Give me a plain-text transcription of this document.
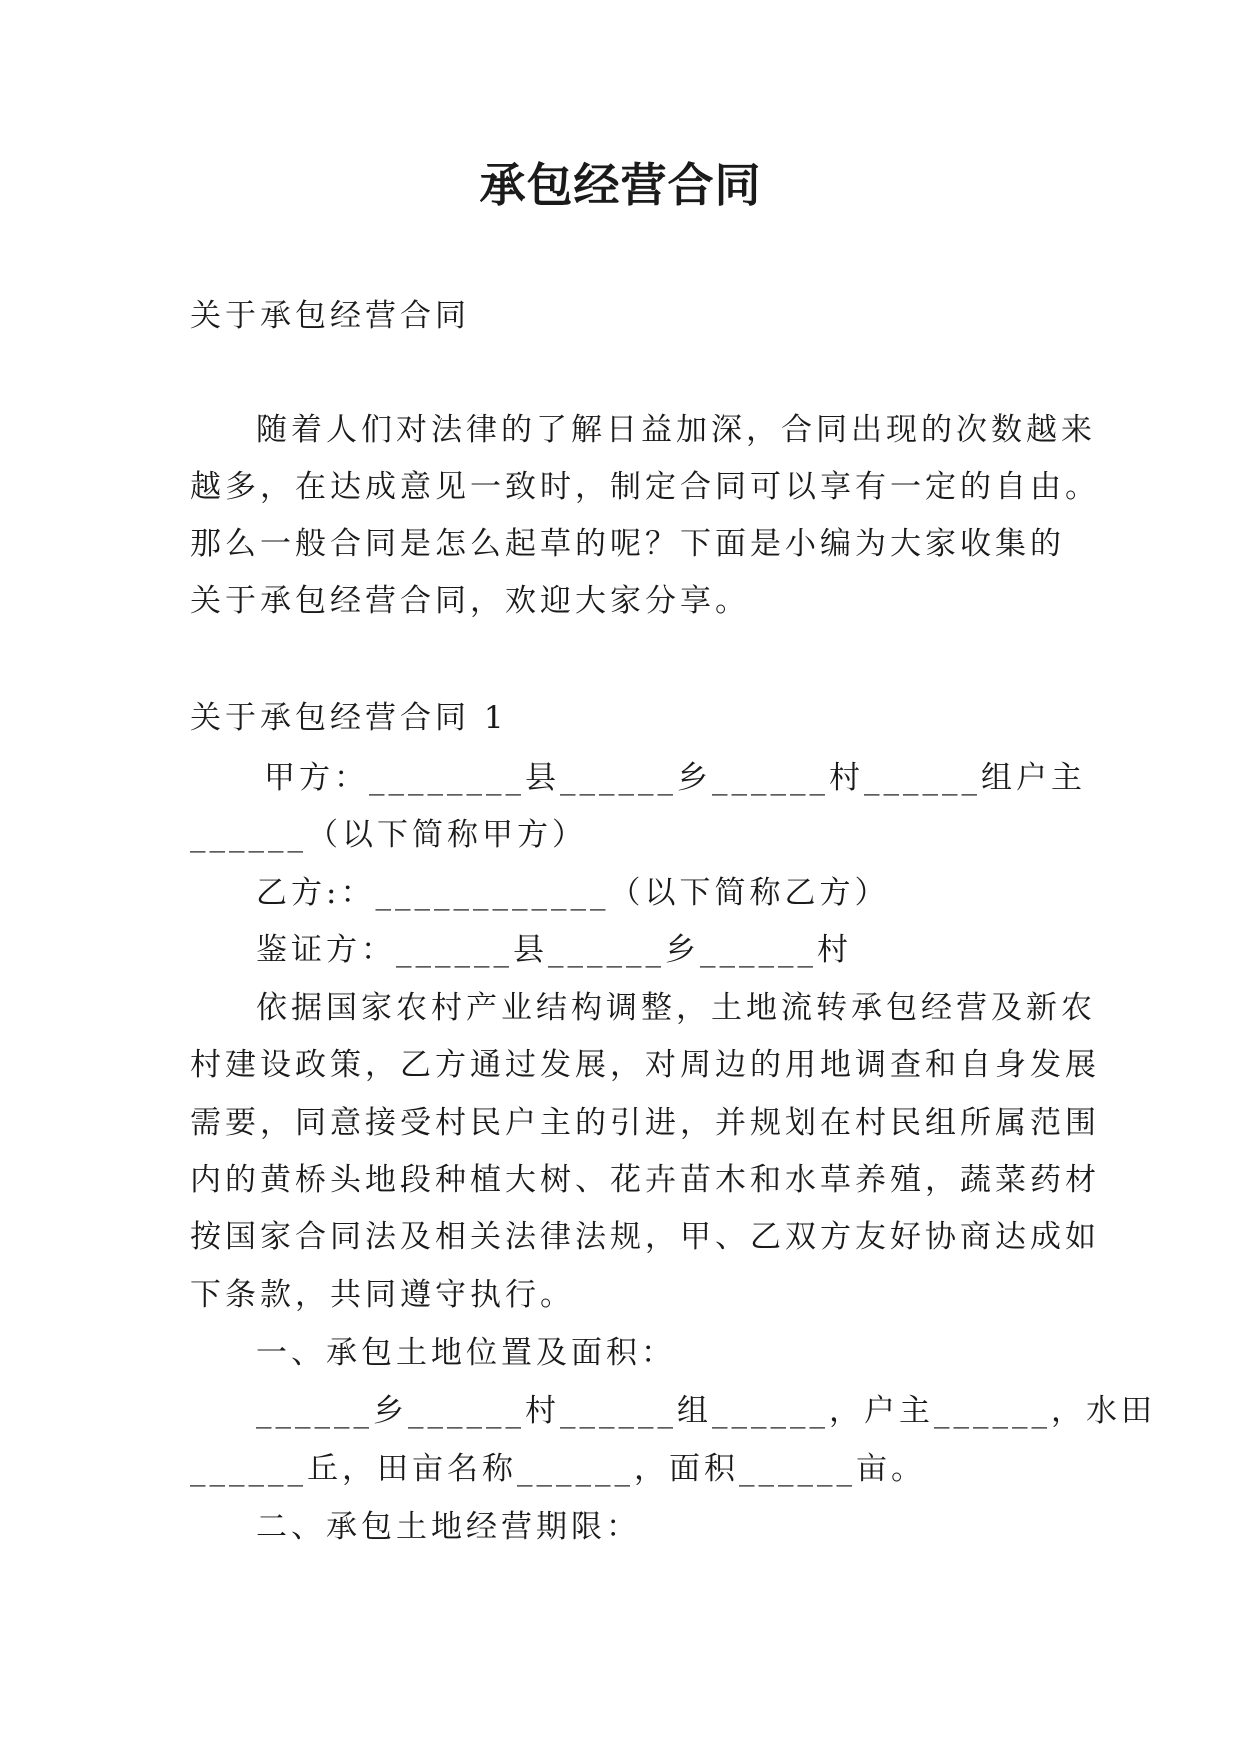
承包经营合同
关于承包经营合同
随着人们对法律的了解日益加深，合同出现的次数越来
越多，在达成意见一致时，制定合同可以享有一定的自由。
那么一般合同是怎么起草的呢？下面是小编为大家收集的
关于承包经营合同，欢迎大家分享。
关于承包经营合同 1
甲方：________县______乡______村______组户主
______（以下简称甲方）
乙方:：____________（以下简称乙方）
鉴证方：______县______乡______村
依据国家农村产业结构调整，土地流转承包经营及新农
村建设政策，乙方通过发展，对周边的用地调查和自身发展
需要，同意接受村民户主的引进，并规划在村民组所属范围
内的黄桥头地段种植大树、花卉苗木和水草养殖，蔬菜药材
按国家合同法及相关法律法规，甲、乙双方友好协商达成如
下条款，共同遵守执行。
一、承包土地位置及面积：
______乡______村______组______，户主______，水田
______丘，田亩名称______，面积______亩。
二、承包土地经营期限：
